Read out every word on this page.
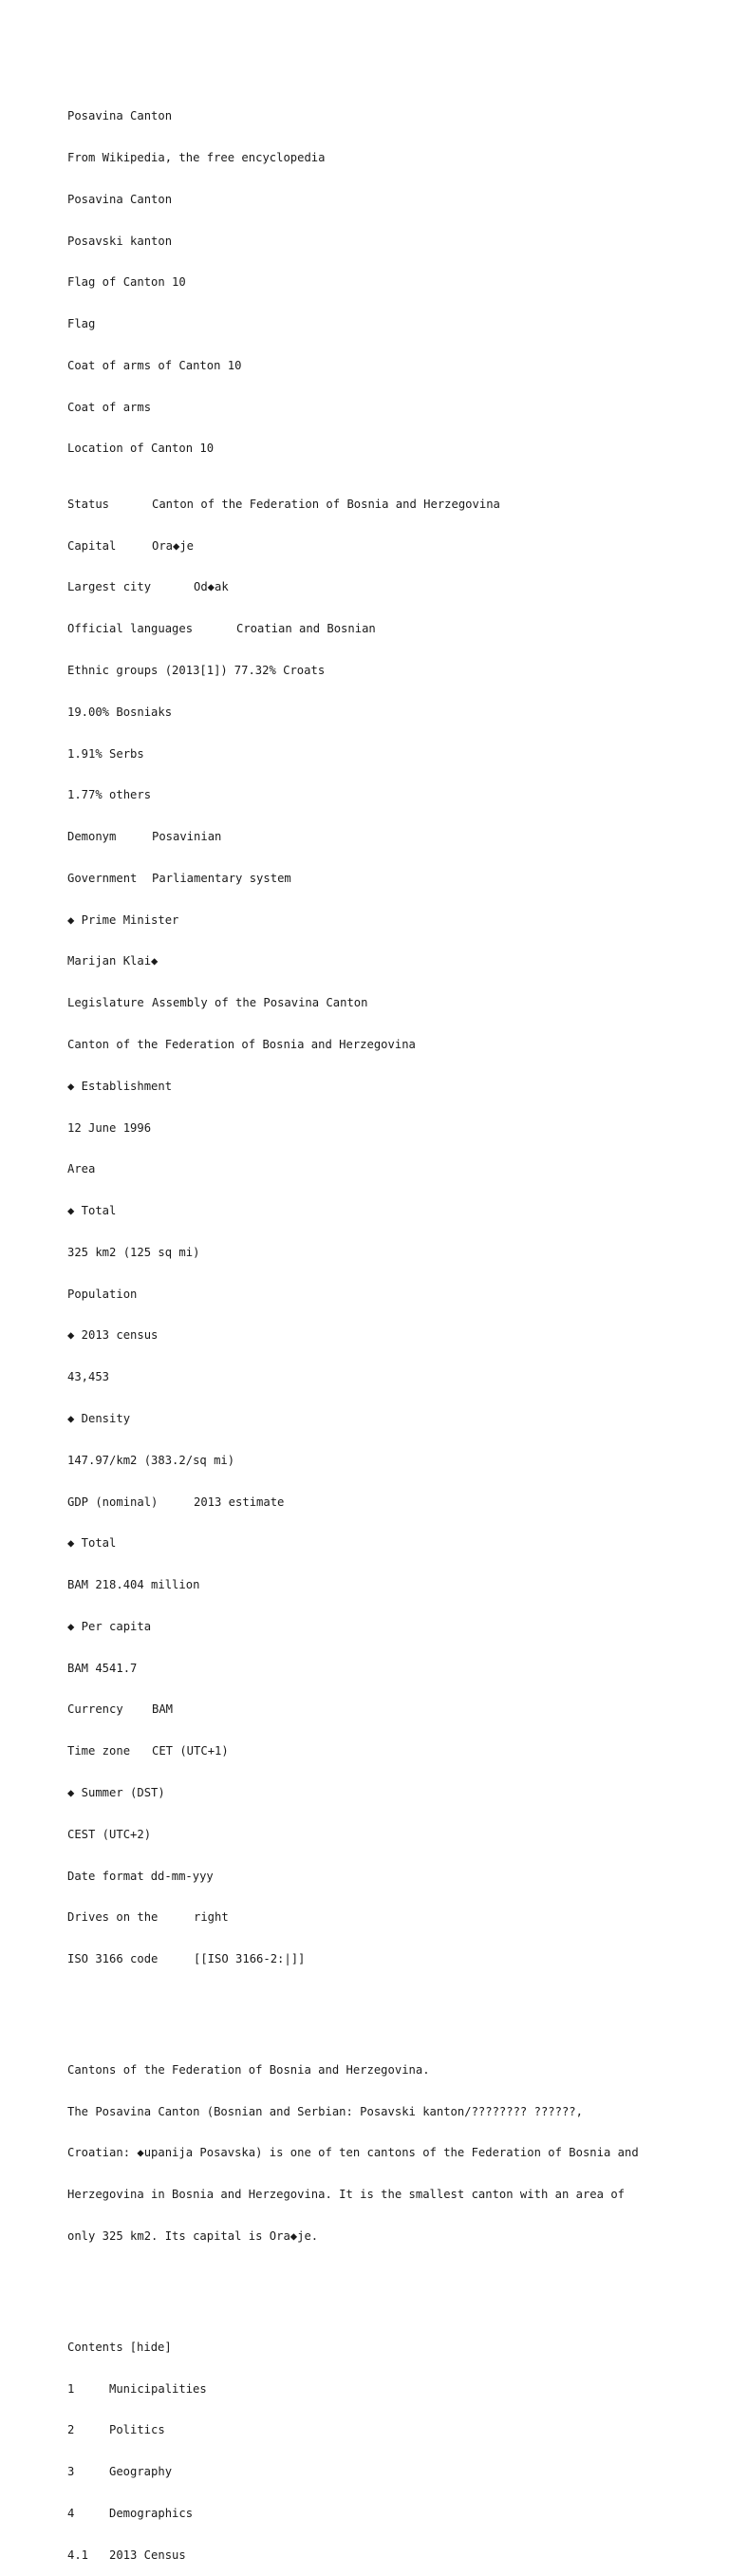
Posavina Canton

From Wikipedia, the free encyclopedia

Posavina Canton

Posavski kanton

Flag of Canton 10

Flag

Coat of arms of Canton 10

Coat of arms

Location of Canton 10

Status	Canton of the Federation of Bosnia and Herzegovina

Capital	Ora◆je

Largest city	Od◆ak

Official languages	Croatian and Bosnian

Ethnic groups (2013[1]) 77.32% Croats

19.00% Bosniaks

1.91% Serbs

1.77% others

Demonym	Posavinian

Government	Parliamentary system

◆ Prime Minister

Marijan Klai◆

Legislature Assembly of the Posavina Canton

Canton of the Federation of Bosnia and Herzegovina

◆ Establishment

12 June 1996

Area

◆ Total

325 km2 (125 sq mi)

Population

◆ 2013 census

43,453

◆ Density

147.97/km2 (383.2/sq mi)

GDP (nominal)	2013 estimate

◆ Total

BAM 218.404 million

◆ Per capita

BAM 4541.7

Currency	BAM

Time zone	CET (UTC+1)

◆ Summer (DST)

CEST (UTC+2)

Date format dd-mm-yyy

Drives on the	right

ISO 3166 code	[[ISO 3166-2:|]]

Cantons of the Federation of Bosnia and Herzegovina.

The Posavina Canton (Bosnian and Serbian: Posavski kanton/???????? ??????,

Croatian: ◆upanija Posavska) is one of ten cantons of the Federation of Bosnia and

Herzegovina in Bosnia and Herzegovina. It is the smallest canton with an area of

only 325 km2. Its capital is Ora◆je.

Contents [hide]

1	Municipalities

2	Politics

3	Geography

4	Demographics

4.1 2013 Census
